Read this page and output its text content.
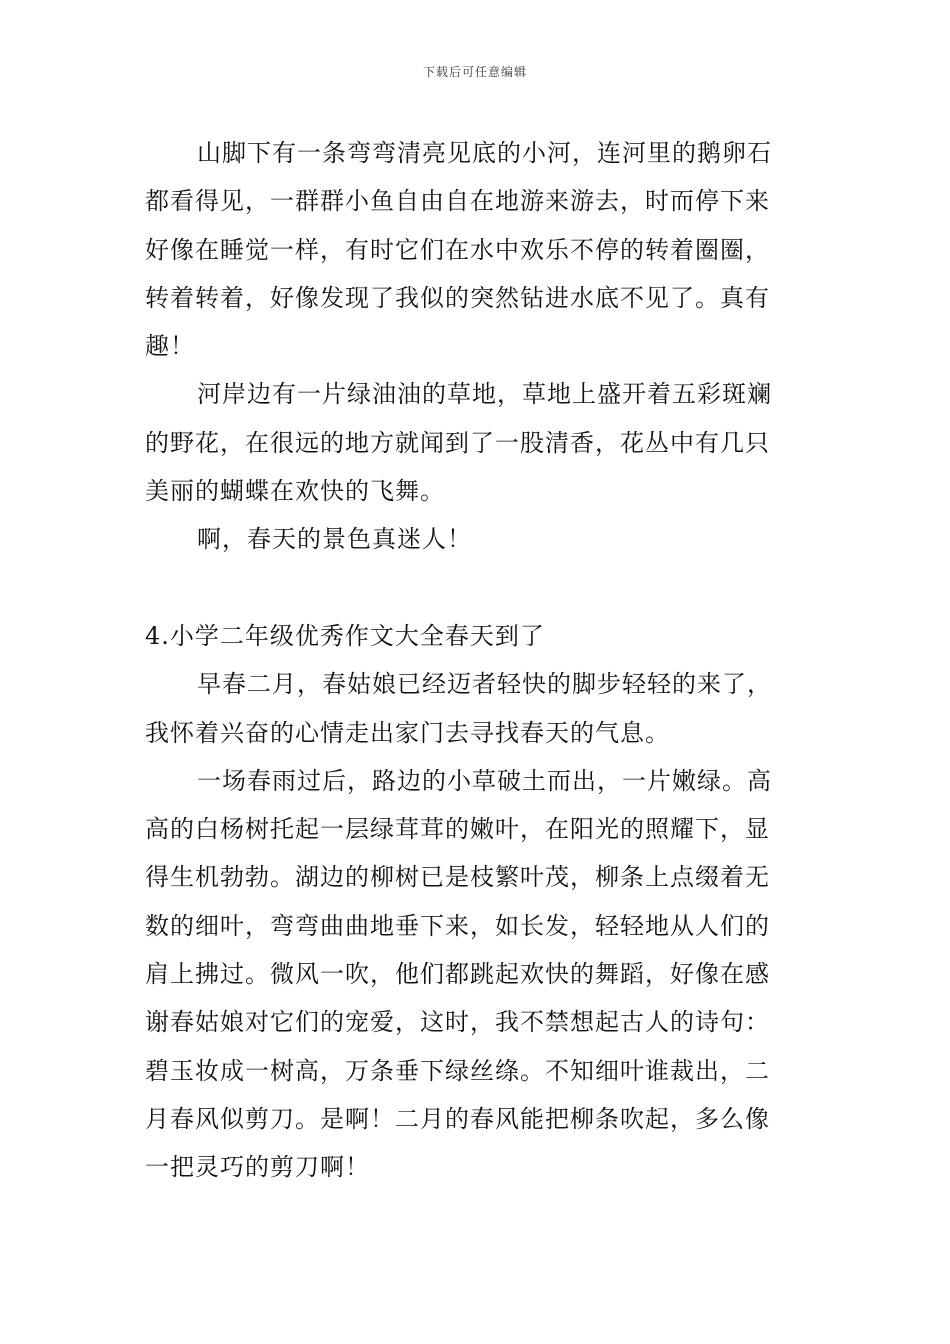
下载后可任意编辑
山脚下有一条弯弯清亮见底的小河，连河里的鹅卵石
都看得见，一群群小鱼自由自在地游来游去，时而停下来
好像在睡觉一样，有时它们在水中欢乐不停的转着圈圈，
转着转着，好像发现了我似的突然钻进水底不见了。真有
趣！
河岸边有一片绿油油的草地，草地上盛开着五彩斑斓
的野花，在很远的地方就闻到了一股清香，花丛中有几只
美丽的蝴蝶在欢快的飞舞。
啊，春天的景色真迷人！
4.小学二年级优秀作文大全春天到了
早春二月，春姑娘已经迈者轻快的脚步轻轻的来了，
我怀着兴奋的心情走出家门去寻找春天的气息。
一场春雨过后，路边的小草破土而出，一片嫩绿。高
高的白杨树托起一层绿茸茸的嫩叶，在阳光的照耀下，显
得生机勃勃。湖边的柳树已是枝繁叶茂，柳条上点缀着无
数的细叶，弯弯曲曲地垂下来，如长发，轻轻地从人们的
肩上拂过。微风一吹，他们都跳起欢快的舞蹈，好像在感
谢春姑娘对它们的宠爱，这时，我不禁想起古人的诗句：
碧玉妆成一树高，万条垂下绿丝绦。不知细叶谁裁出，二
月春风似剪刀。是啊！二月的春风能把柳条吹起，多么像
一把灵巧的剪刀啊！
